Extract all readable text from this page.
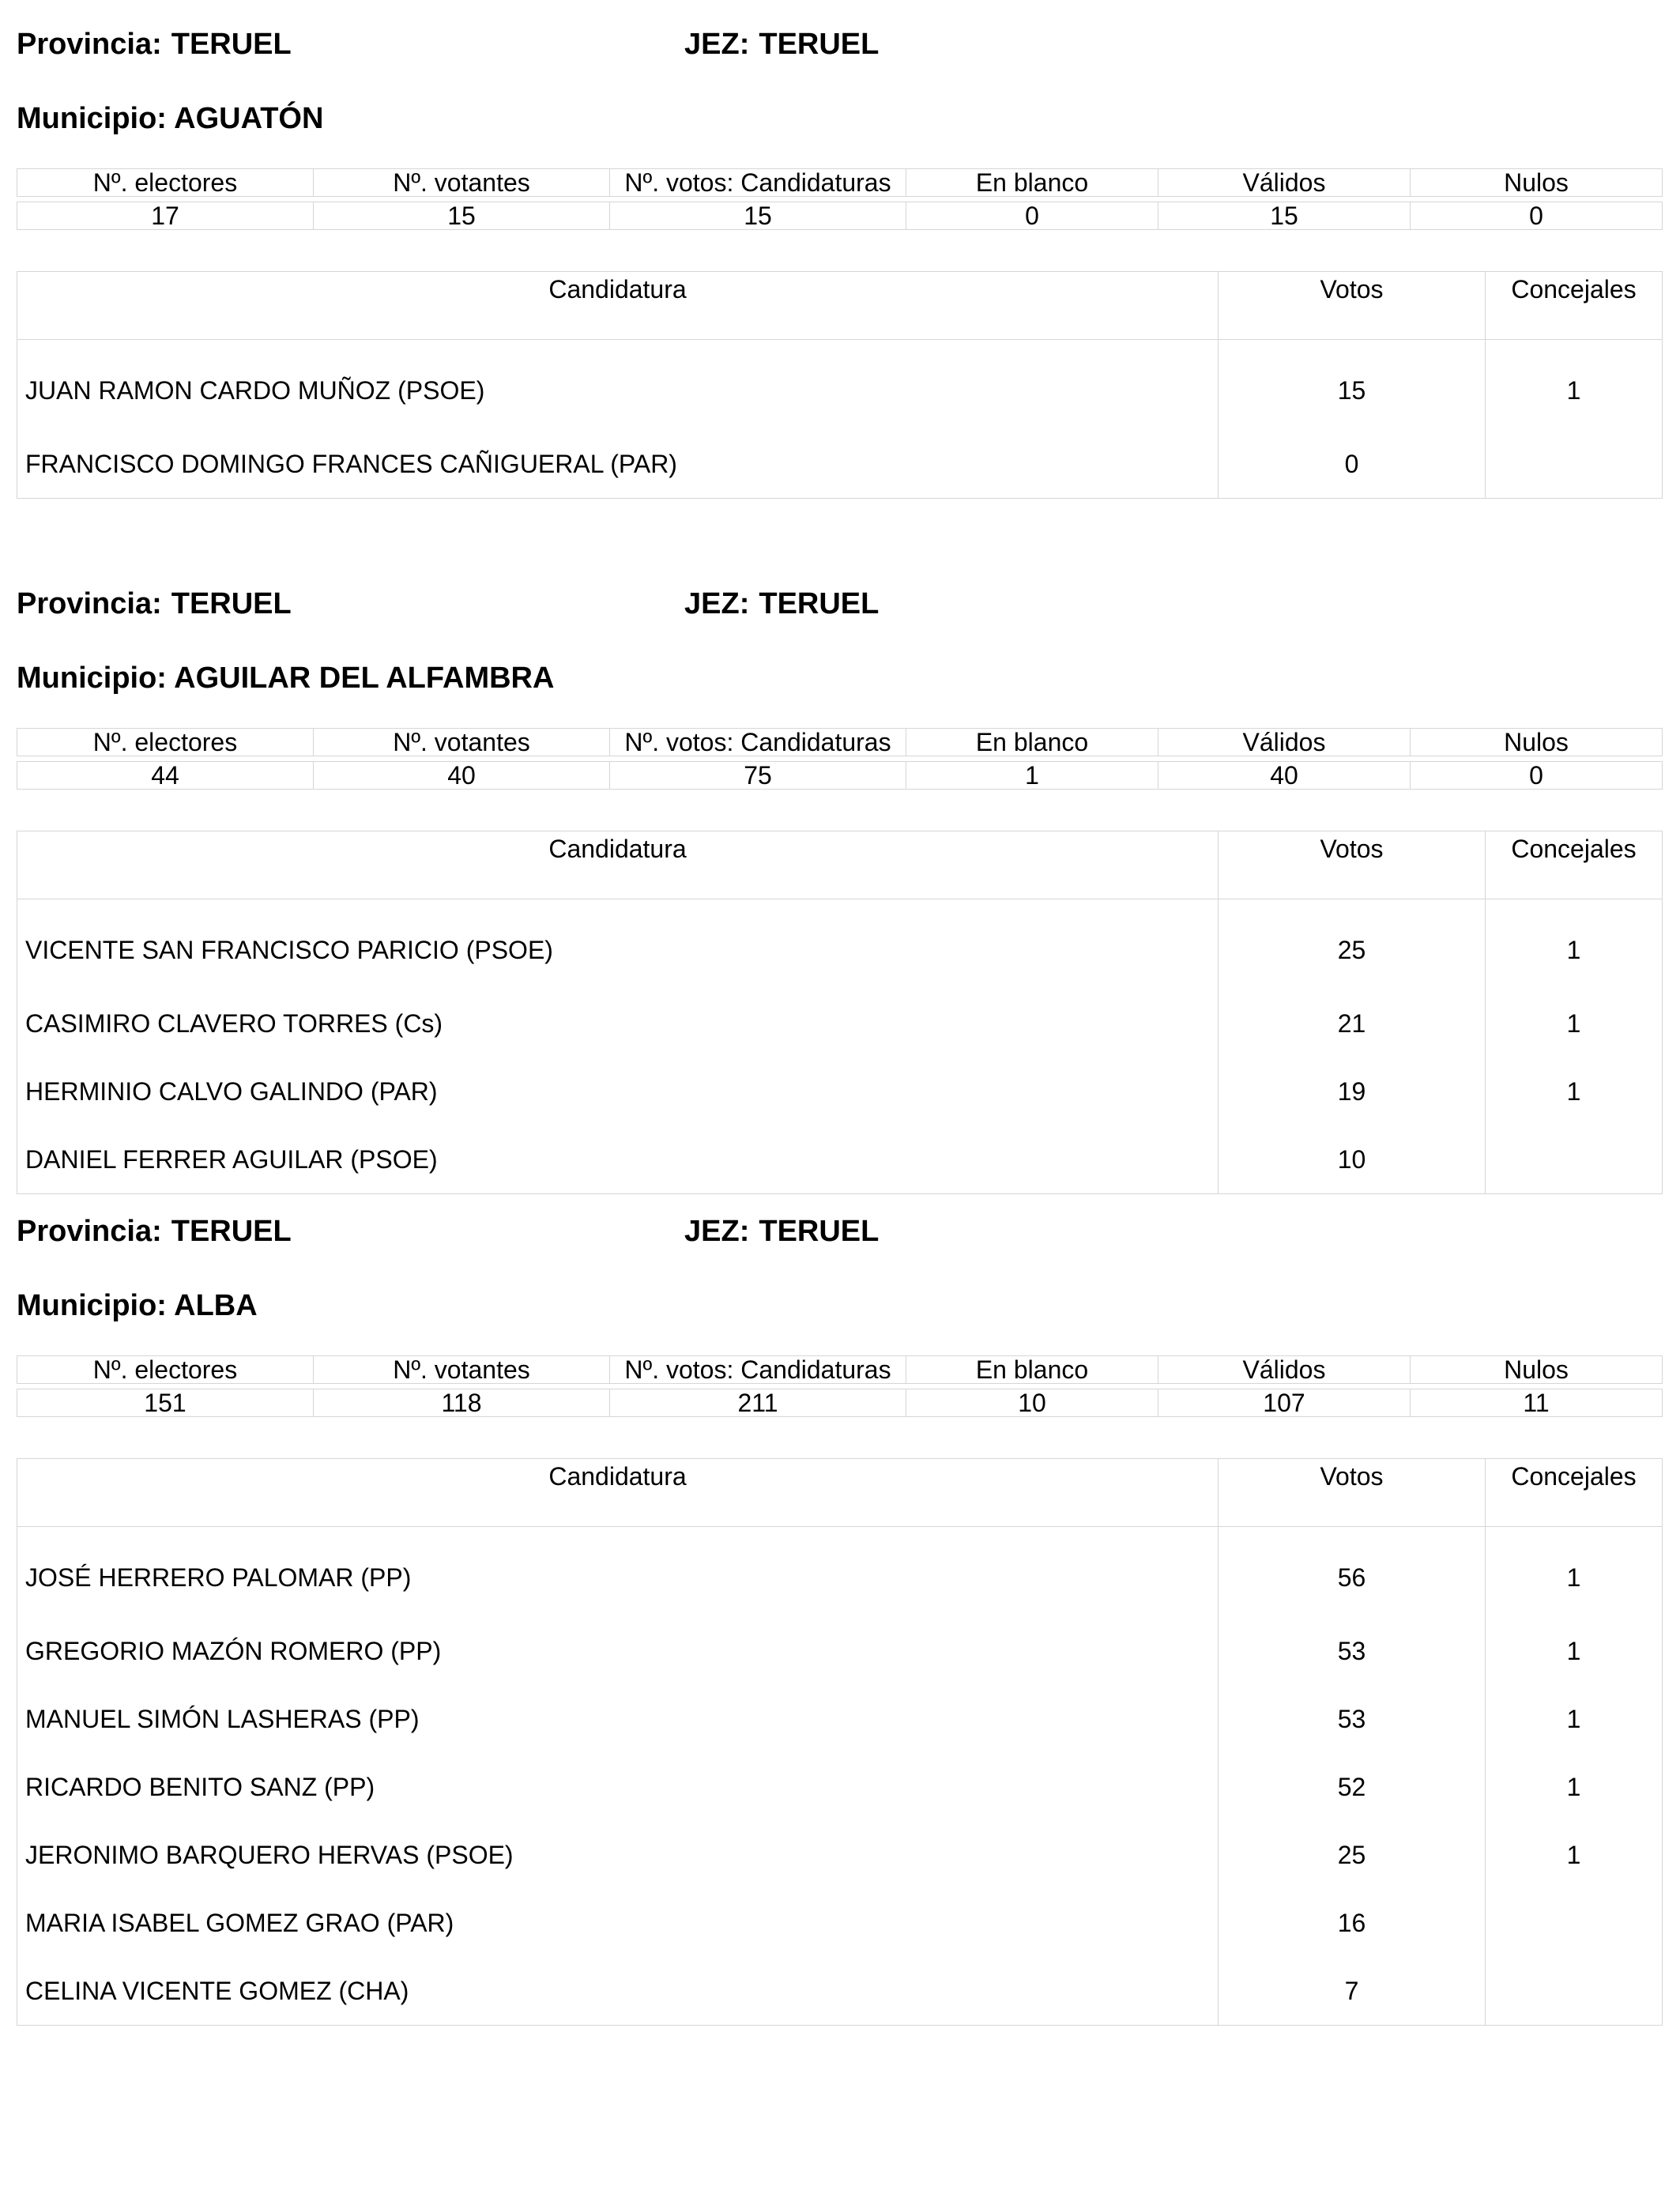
Provincia: TERUEL	JEZ: TERUEL
Municipio: AGUATÓN
Nº. electores	Nº. votantes	Nº. votos: Candidaturas	En blanco	Válidos	Nulos

17	15	15	0	15	0
Candidatura	Votos	Concejales
JUAN RAMON CARDO MUÑOZ (PSOE)	15	1
FRANCISCO DOMINGO FRANCES CAÑIGUERAL (PAR)	0	
Provincia: TERUEL	JEZ: TERUEL
Municipio: AGUILAR DEL ALFAMBRA
Nº. electores	Nº. votantes	Nº. votos: Candidaturas	En blanco	Válidos	Nulos

44	40	75	1	40	0
Candidatura	Votos	Concejales
VICENTE SAN FRANCISCO PARICIO (PSOE)	25	1
CASIMIRO CLAVERO TORRES (Cs)	21	1
HERMINIO CALVO GALINDO (PAR)	19	1
DANIEL FERRER AGUILAR (PSOE)	10	
Provincia: TERUEL	JEZ: TERUEL
Municipio: ALBA
Nº. electores	Nº. votantes	Nº. votos: Candidaturas	En blanco	Válidos	Nulos

151	118	211	10	107	11
Candidatura	Votos	Concejales
JOSÉ HERRERO PALOMAR (PP)	56	1
GREGORIO MAZÓN ROMERO (PP)	53	1
MANUEL SIMÓN LASHERAS (PP)	53	1
RICARDO BENITO SANZ (PP)	52	1
JERONIMO BARQUERO HERVAS (PSOE)	25	1
MARIA ISABEL GOMEZ GRAO (PAR)	16	
CELINA VICENTE GOMEZ (CHA)	7	
